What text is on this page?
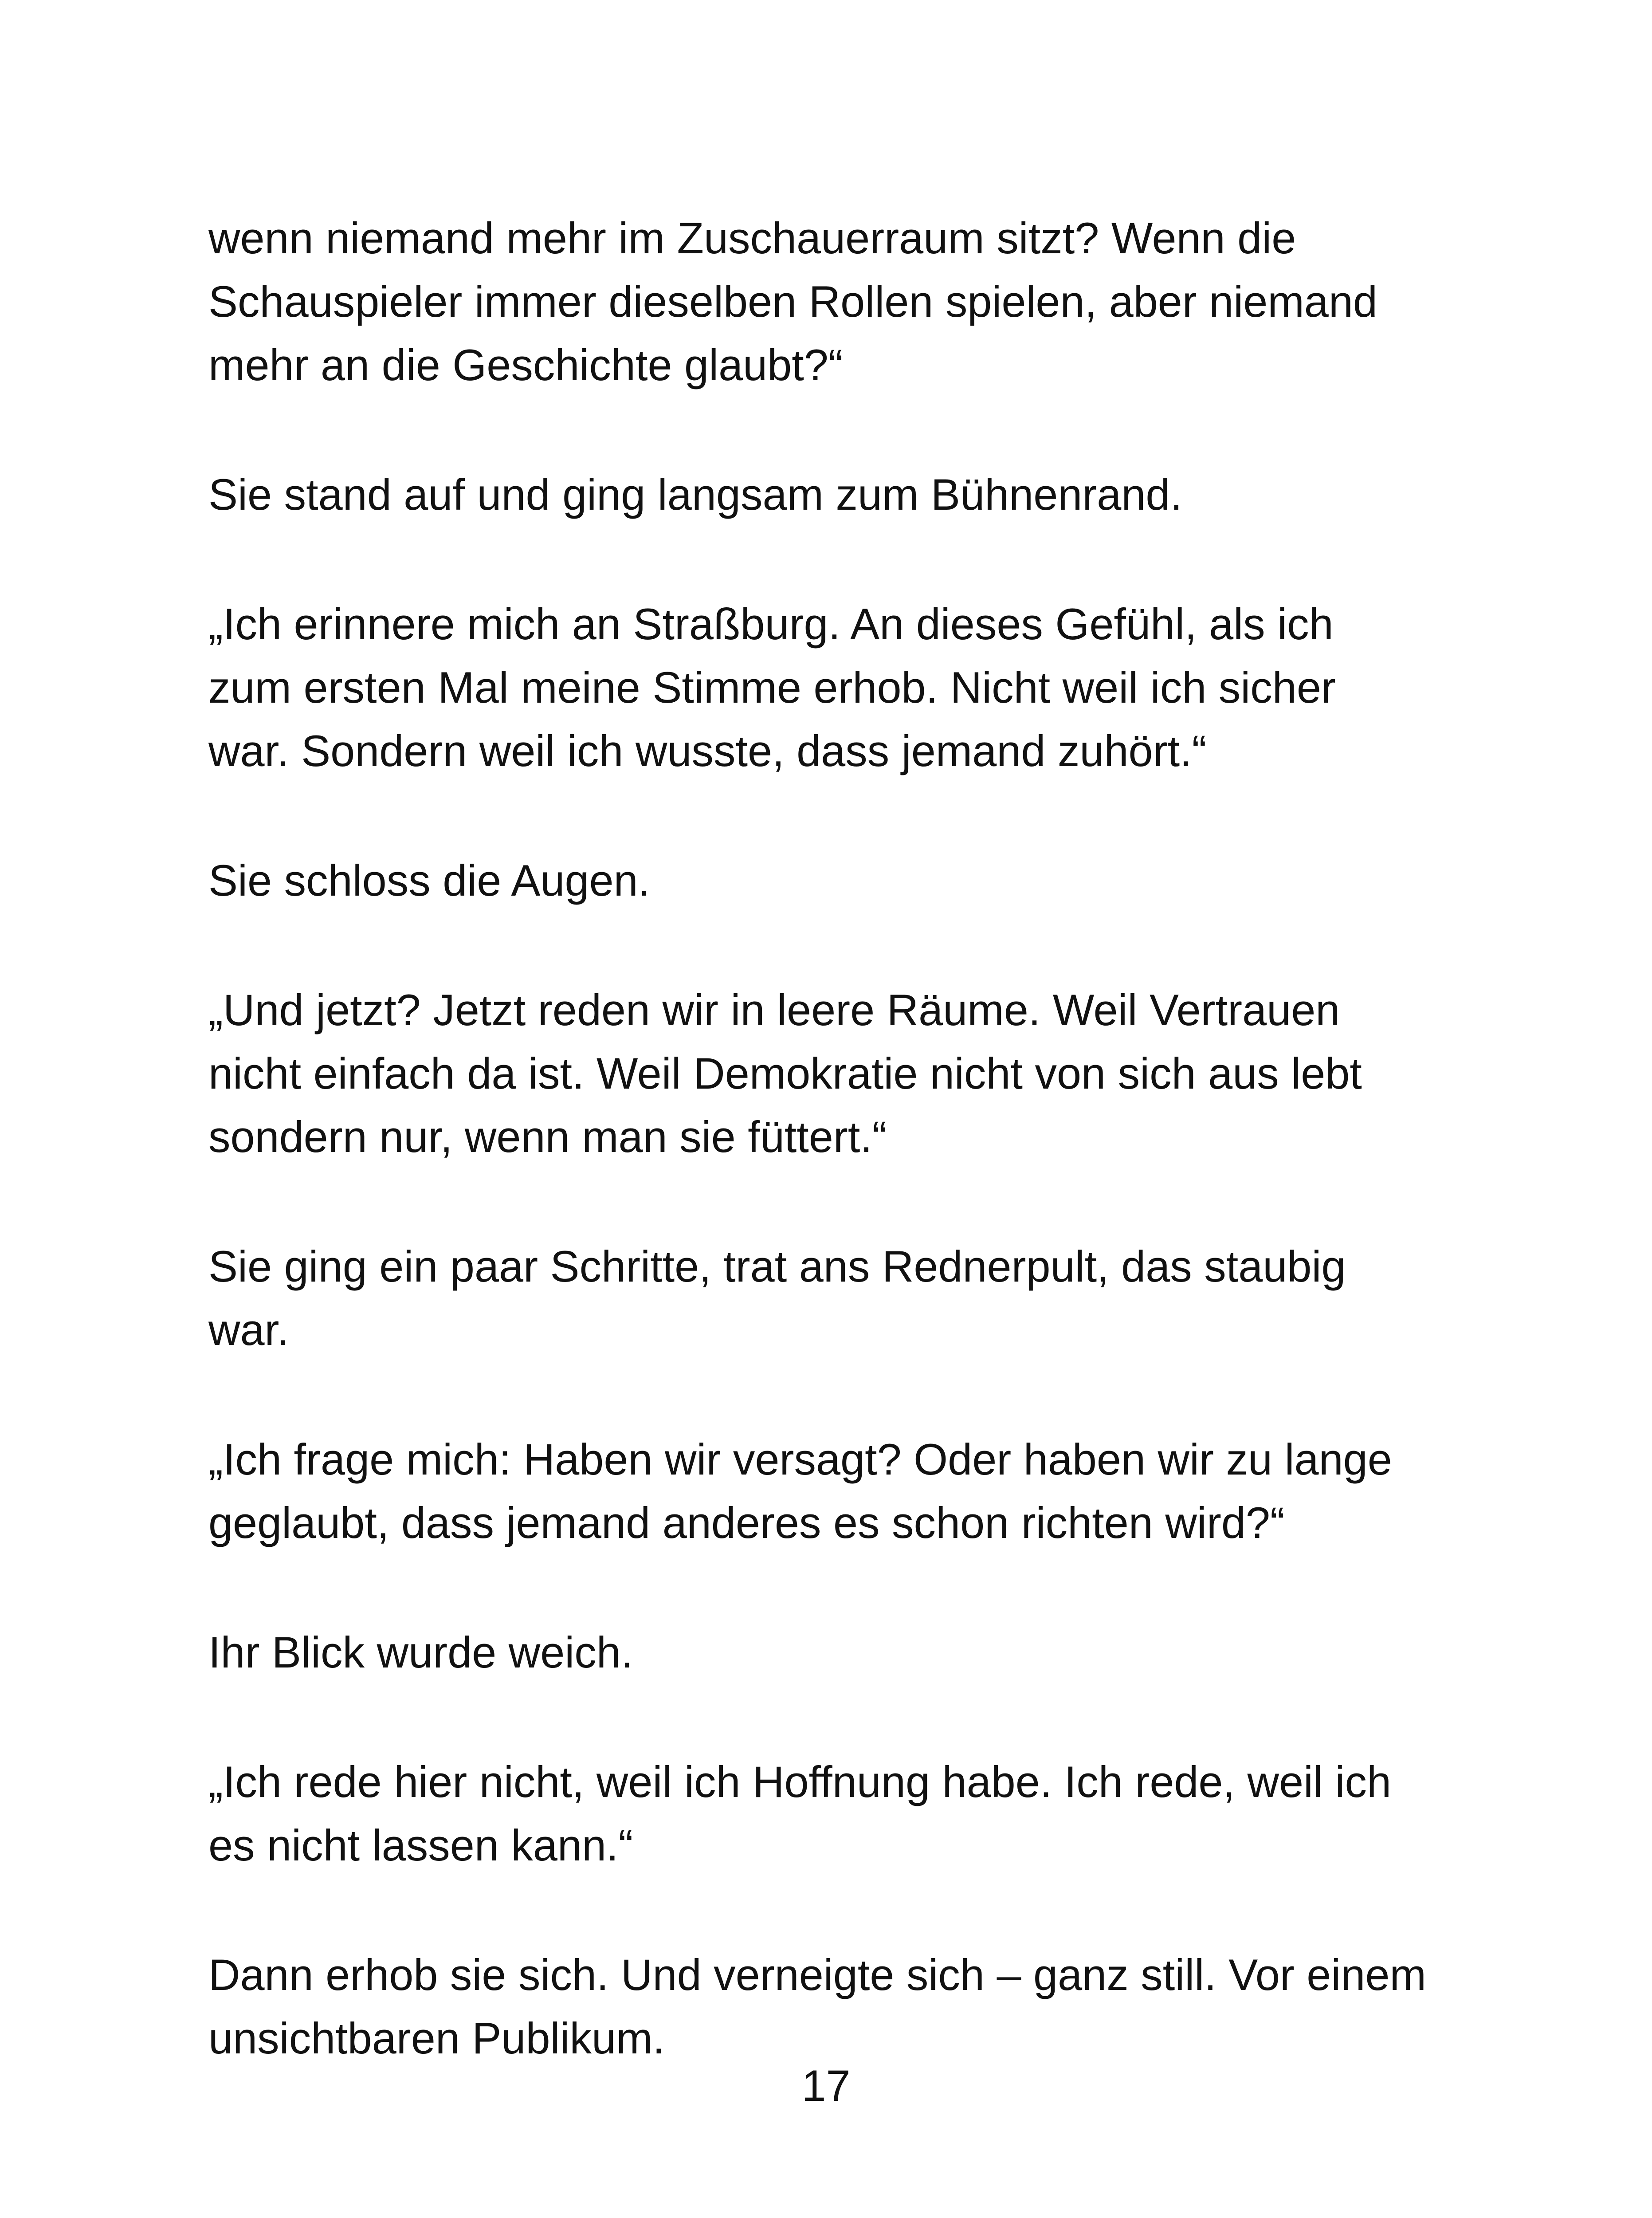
wenn niemand mehr im Zuschauerraum sitzt? Wenn die
Schauspieler immer dieselben Rollen spielen, aber niemand
mehr an die Geschichte glaubt?“

Sie stand auf und ging langsam zum Bühnenrand.

„Ich erinnere mich an Straßburg. An dieses Gefühl, als ich
zum ersten Mal meine Stimme erhob. Nicht weil ich sicher
war. Sondern weil ich wusste, dass jemand zuhört.“

Sie schloss die Augen.

„Und jetzt? Jetzt reden wir in leere Räume. Weil Vertrauen
nicht einfach da ist. Weil Demokratie nicht von sich aus lebt
sondern nur, wenn man sie füttert.“

Sie ging ein paar Schritte, trat ans Rednerpult, das staubig
war.

„Ich frage mich: Haben wir versagt? Oder haben wir zu lange
geglaubt, dass jemand anderes es schon richten wird?“

Ihr Blick wurde weich.

„Ich rede hier nicht, weil ich Hoffnung habe. Ich rede, weil ich
es nicht lassen kann.“

Dann erhob sie sich. Und verneigte sich – ganz still. Vor einem
unsichtbaren Publikum.

17
